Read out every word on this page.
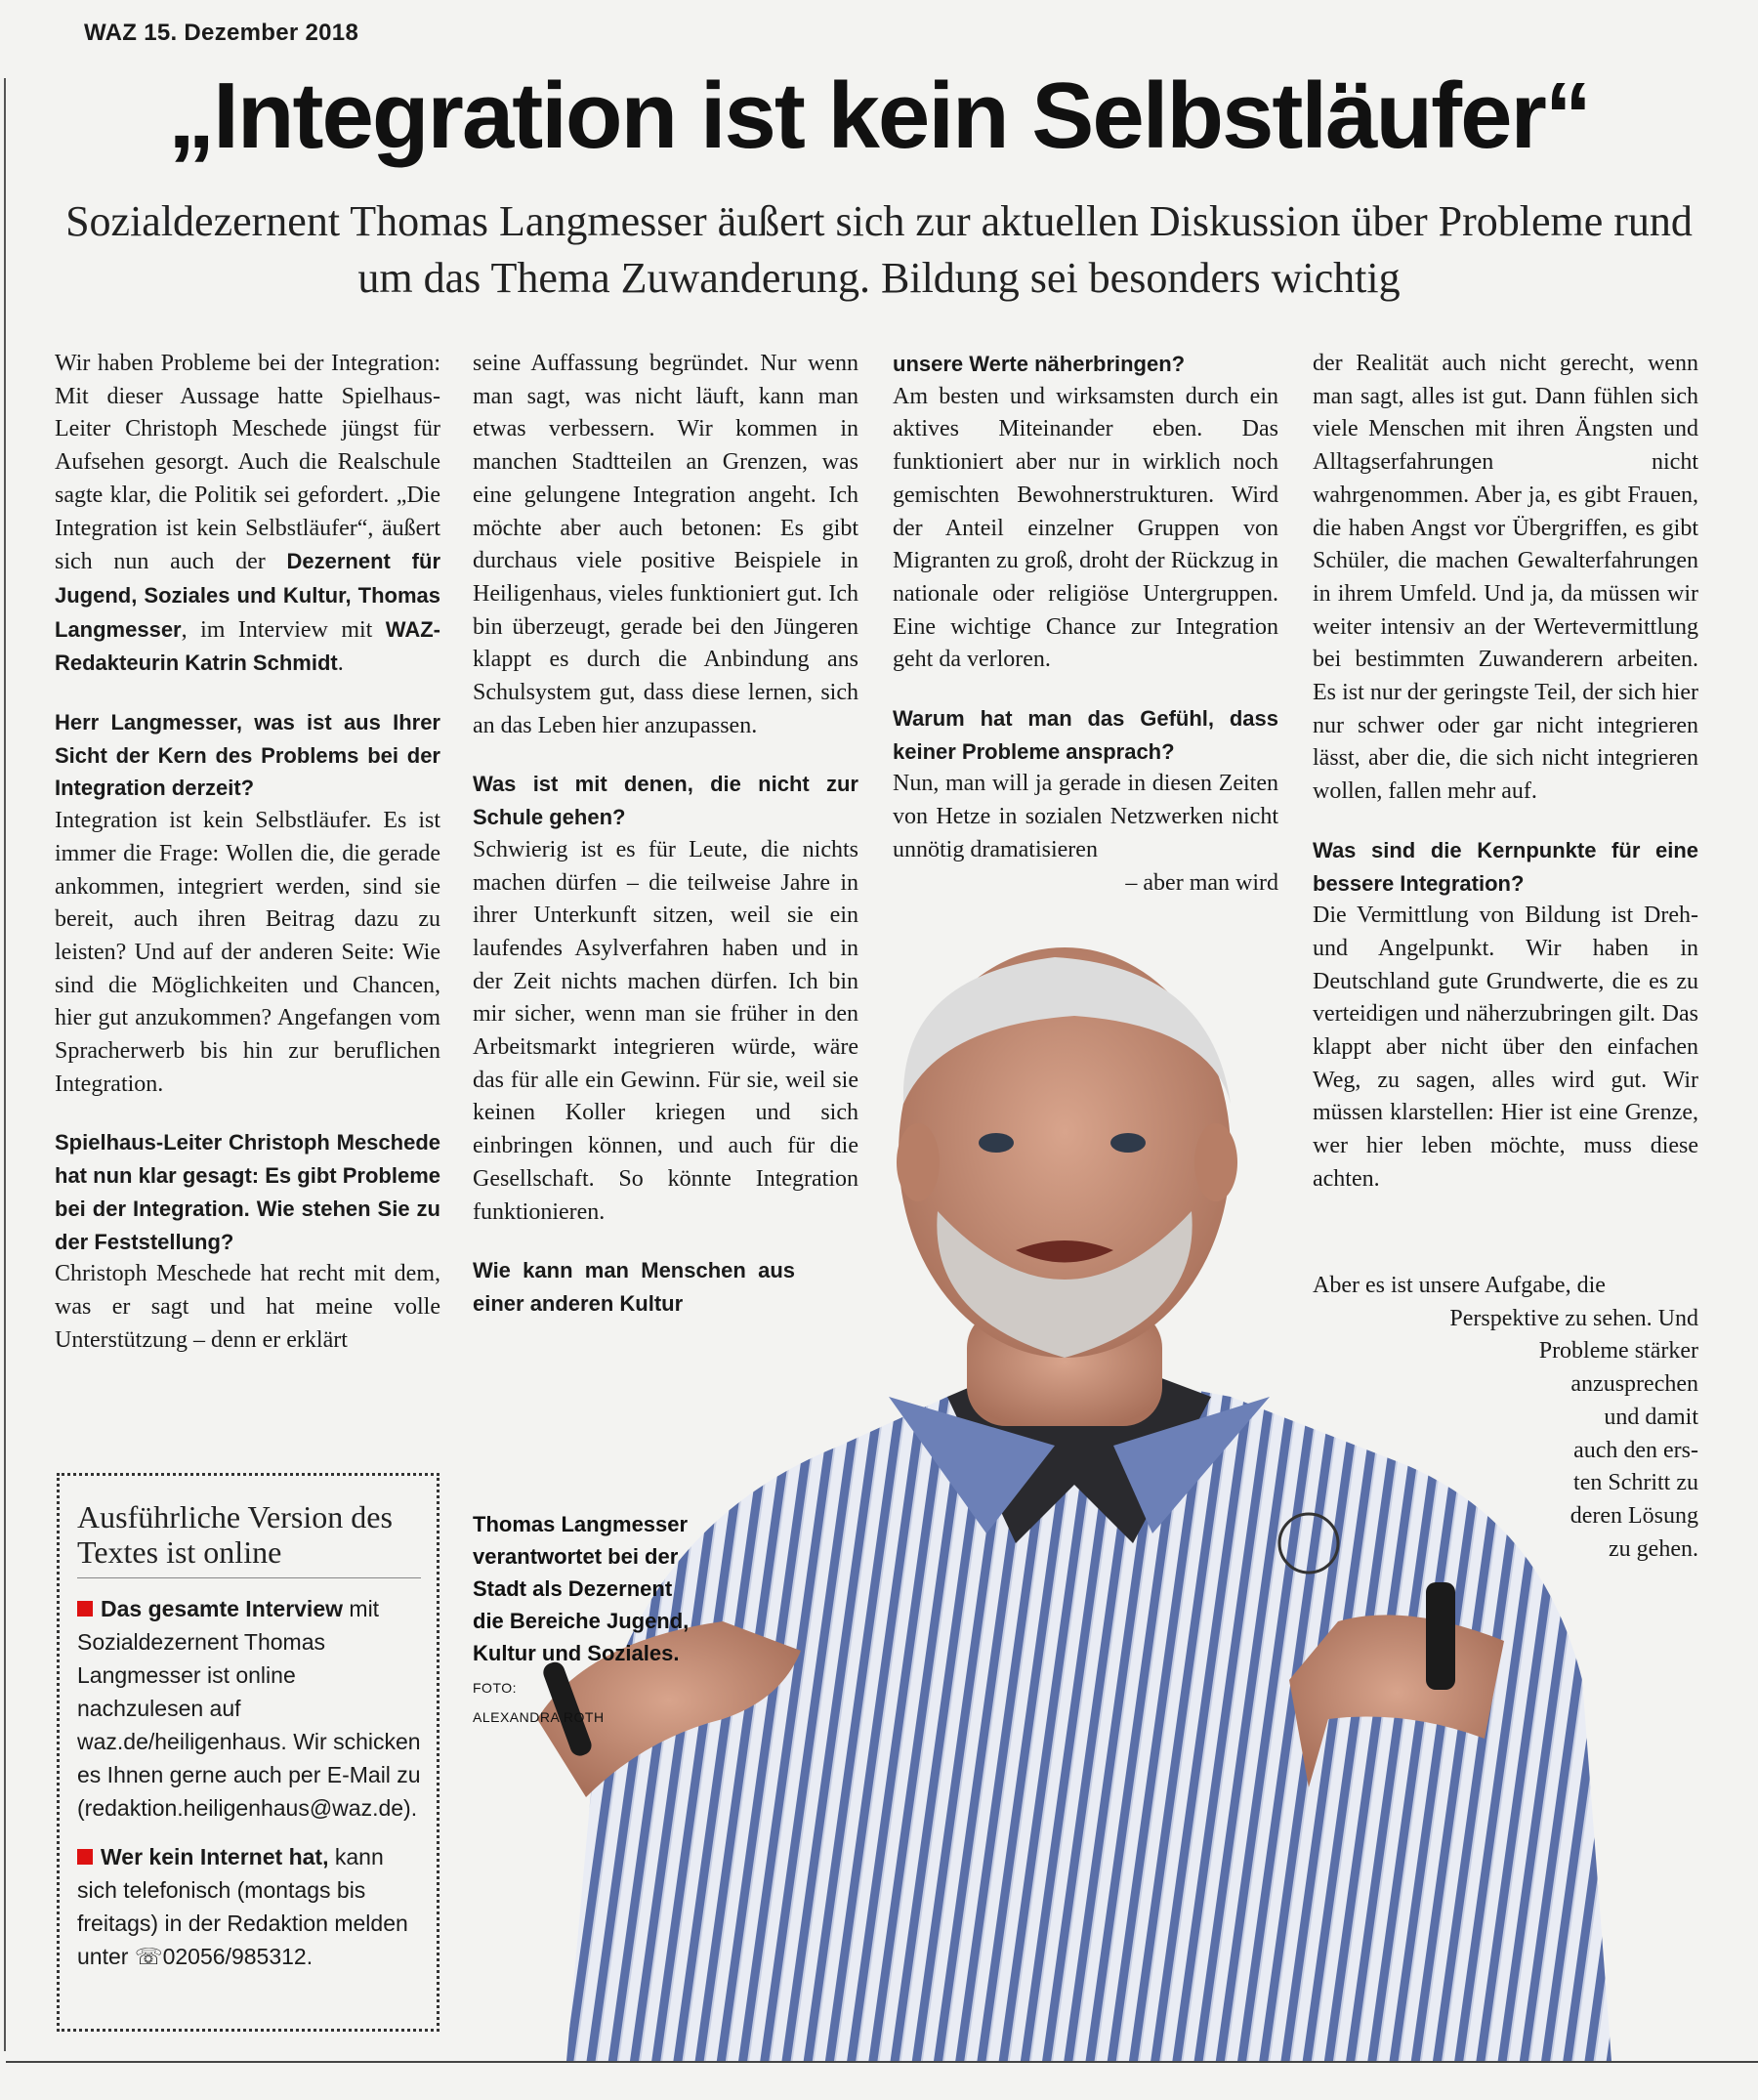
WAZ 15. Dezember 2018
„Integration ist kein Selbstläufer“
Sozialdezernent Thomas Langmesser äußert sich zur aktuellen Diskussion über Probleme rund um das Thema Zuwanderung. Bildung sei besonders wichtig

Wir haben Probleme bei der Integration: Mit dieser Aussage hatte Spielhaus-Leiter Christoph Meschede jüngst für Aufsehen gesorgt. Auch die Realschule sagte klar, die Politik sei gefordert. „Die Integration ist kein Selbstläufer“, äußert sich nun auch der Dezernent für Jugend, Soziales und Kultur, Thomas Langmesser, im Interview mit WAZ-Redakteurin Katrin Schmidt.

Herr Langmesser, was ist aus Ihrer Sicht der Kern des Problems bei der Integration derzeit?

Integration ist kein Selbstläufer. Es ist immer die Frage: Wollen die, die gerade ankommen, integriert werden, sind sie bereit, auch ihren Beitrag dazu zu leisten? Und auf der anderen Seite: Wie sind die Möglichkeiten und Chancen, hier gut anzukommen? Angefangen vom Spracherwerb bis hin zur beruflichen Integration.

Spielhaus-Leiter Christoph Meschede hat nun klar gesagt: Es gibt Probleme bei der Integration. Wie stehen Sie zu der Feststellung?

Christoph Meschede hat recht mit dem, was er sagt und hat meine volle Unterstützung – denn er erklärt

seine Auffassung begründet. Nur wenn man sagt, was nicht läuft, kann man etwas verbessern. Wir kommen in manchen Stadtteilen an Grenzen, was eine gelungene Integration angeht. Ich möchte aber auch betonen: Es gibt durchaus viele positive Beispiele in Heiligenhaus, vieles funktioniert gut. Ich bin überzeugt, gerade bei den Jüngeren klappt es durch die Anbindung ans Schulsystem gut, dass diese lernen, sich an das Leben hier anzupassen.

Was ist mit denen, die nicht zur Schule gehen?

Schwierig ist es für Leute, die nichts machen dürfen – die teilweise Jahre in ihrer Unterkunft sitzen, weil sie ein laufendes Asylverfahren haben und in der Zeit nichts machen dürfen. Ich bin mir sicher, wenn man sie früher in den Arbeitsmarkt integrieren würde, wäre das für alle ein Gewinn. Für sie, weil sie keinen Koller kriegen und sich einbringen können, und auch für die Gesellschaft. So könnte Integration funktionieren.

Wie kann man Menschen aus einer anderen Kultur

unsere Werte näherbringen?

Am besten und wirksamsten durch ein aktives Miteinander eben. Das funktioniert aber nur in wirklich noch gemischten Bewohnerstrukturen. Wird der Anteil einzelner Gruppen von Migranten zu groß, droht der Rückzug in nationale oder religiöse Untergruppen. Eine wichtige Chance zur Integration geht da verloren.

Warum hat man das Gefühl, dass keiner Probleme ansprach?

Nun, man will ja gerade in diesen Zeiten von Hetze in sozialen Netzwerken nicht unnötig dramatisieren

– aber man wird

der Realität auch nicht gerecht, wenn man sagt, alles ist gut. Dann fühlen sich viele Menschen mit ihren Ängsten und Alltagserfahrungen nicht wahrgenommen. Aber ja, es gibt Frauen, die haben Angst vor Übergriffen, es gibt Schüler, die machen Gewalterfahrungen in ihrem Umfeld. Und ja, da müssen wir weiter intensiv an der Wertevermittlung bei bestimmten Zuwanderern arbeiten. Es ist nur der geringste Teil, der sich hier nur schwer oder gar nicht integrieren lässt, aber die, die sich nicht integrieren wollen, fallen mehr auf.

Was sind die Kernpunkte für eine bessere Integration?

Die Vermittlung von Bildung ist Dreh- und Angelpunkt. Wir haben in Deutschland gute Grundwerte, die es zu verteidigen und näherzubringen gilt. Das klappt aber nicht über den einfachen Weg, zu sagen, alles wird gut. Wir müssen klarstellen: Hier ist eine Grenze, wer hier leben möchte, muss diese achten.

Aber es ist unsere Aufgabe, die
Perspektive zu sehen. Und
Probleme stärker
anzusprechen
und damit
auch den ers-
ten Schritt zu
deren Lösung
zu gehen.
Thomas Langmesser verantwortet bei der Stadt als Dezernent die Bereiche Jugend, Kultur und Soziales. FOTO:
ALEXANDRA ROTH
Ausführliche Version des Textes ist online

Das gesamte Interview mit Sozialdezernent Thomas Langmesser ist online nachzulesen auf waz.de/heiligenhaus. Wir schicken es Ihnen gerne auch per E-Mail zu (redaktion.heiligenhaus@waz.de).

Wer kein Internet hat, kann sich telefonisch (montags bis freitags) in der Redaktion melden unter ☏02056/985312.
